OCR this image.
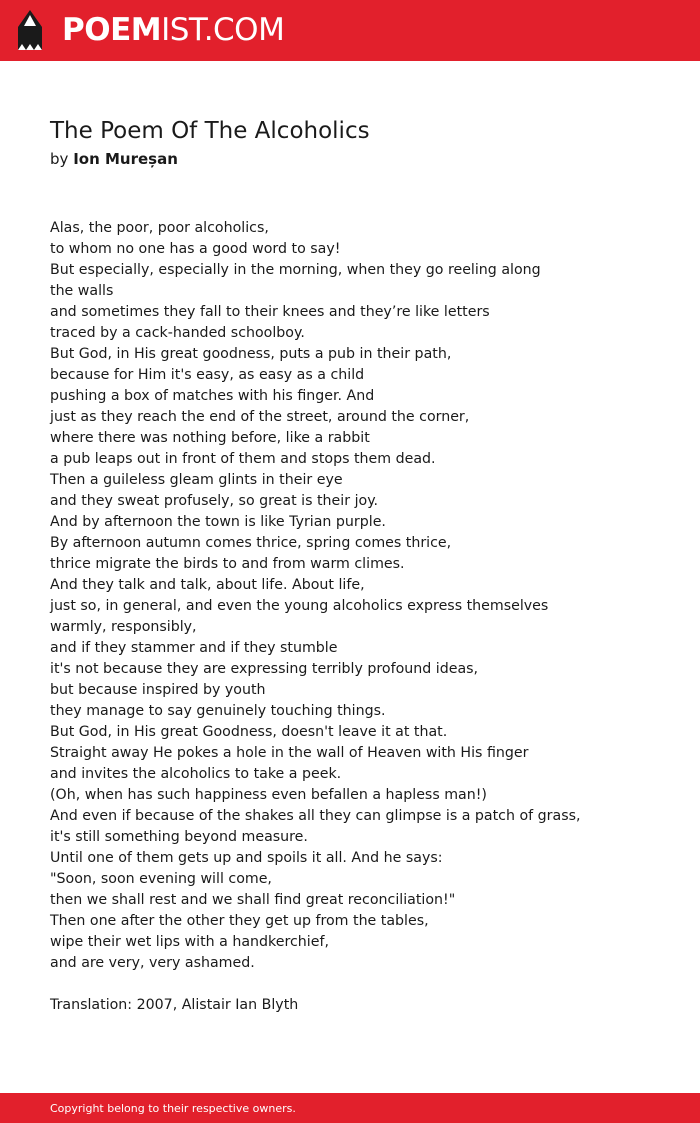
POEMIST.COM
The Poem Of The Alcoholics
by Ion Mureșan
Alas, the poor, poor alcoholics,
to whom no one has a good word to say!
But especially, especially in the morning, when they go reeling along the walls
and sometimes they fall to their knees and they’re like letters
traced by a cack-handed schoolboy.
But God, in His great goodness, puts a pub in their path,
because for Him it's easy, as easy as a child
pushing a box of matches with his finger. And
just as they reach the end of the street, around the corner,
where there was nothing before, like a rabbit
a pub leaps out in front of them and stops them dead.
Then a guileless gleam glints in their eye
and they sweat profusely, so great is their joy.
And by afternoon the town is like Tyrian purple.
By afternoon autumn comes thrice, spring comes thrice,
thrice migrate the birds to and from warm climes.
And they talk and talk, about life. About life,
just so, in general, and even the young alcoholics express themselves warmly, responsibly,
and if they stammer and if they stumble
it's not because they are expressing terribly profound ideas,
but because inspired by youth
they manage to say genuinely touching things.
But God, in His great Goodness, doesn't leave it at that.
Straight away He pokes a hole in the wall of Heaven with His finger
and invites the alcoholics to take a peek.
(Oh, when has such happiness even befallen a hapless man!)
And even if because of the shakes all they can glimpse is a patch of grass,
it's still something beyond measure.
Until one of them gets up and spoils it all. And he says:
"Soon, soon evening will come,
then we shall rest and we shall find great reconciliation!"
Then one after the other they get up from the tables,
wipe their wet lips with a handkerchief,
and are very, very ashamed.
Translation: 2007, Alistair Ian Blyth
Copyright belong to their respective owners.
